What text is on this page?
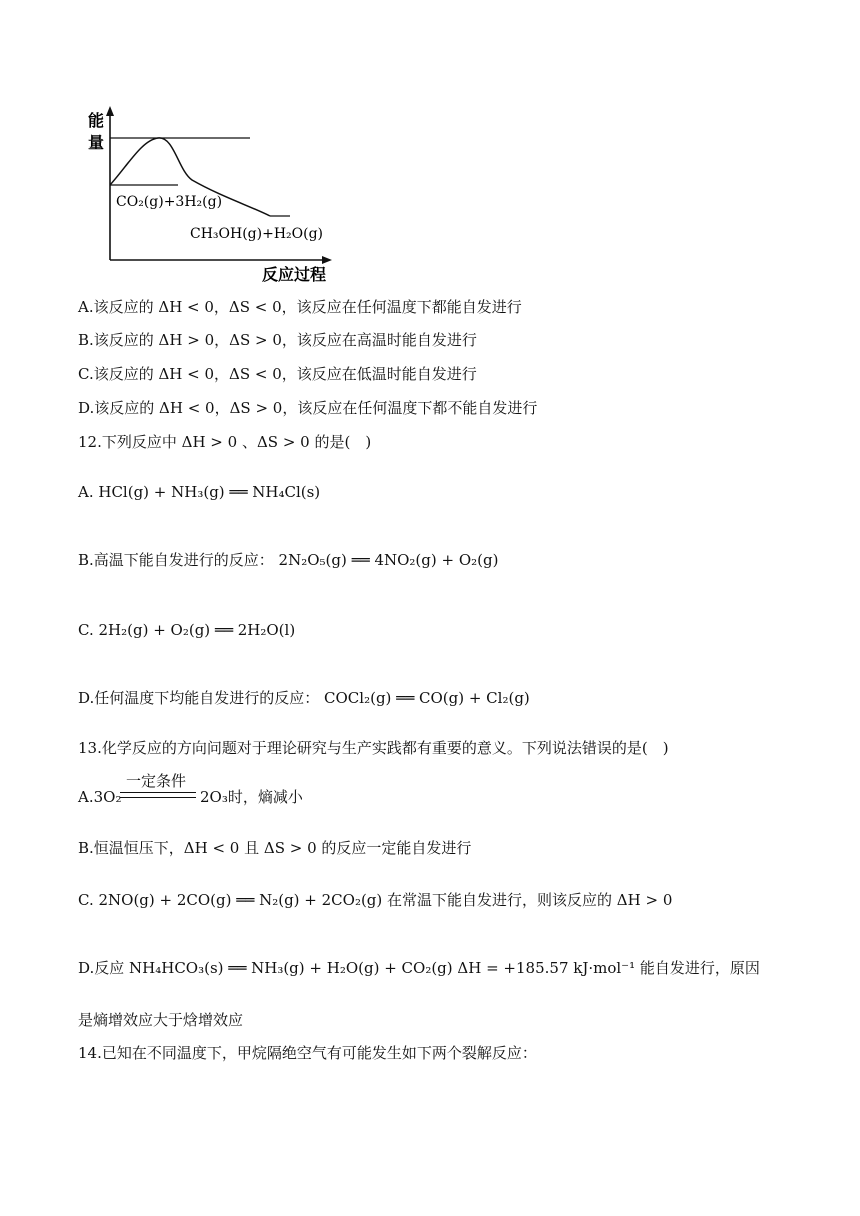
能
量
CO₂(g)+3H₂(g)
CH₃OH(g)+H₂O(g)
反应过程
A.该反应的 ΔH < 0，ΔS < 0，该反应在任何温度下都能自发进行
B.该反应的 ΔH > 0，ΔS > 0，该反应在高温时能自发进行
C.该反应的 ΔH < 0，ΔS < 0，该反应在低温时能自发进行
D.该反应的 ΔH < 0，ΔS > 0，该反应在任何温度下都不能自发进行
12.下列反应中 ΔH > 0 、ΔS > 0 的是(　)
A. HCl(g) + NH₃(g) ══ NH₄Cl(s)
B.高温下能自发进行的反应： 2N₂O₅(g) ══ 4NO₂(g) + O₂(g)
C. 2H₂(g) + O₂(g) ══ 2H₂O(l)
D.任何温度下均能自发进行的反应： COCl₂(g) ══ CO(g) + Cl₂(g)
13.化学反应的方向问题对于理论研究与生产实践都有重要的意义。下列说法错误的是(　)
一定条件
A.3O₂	2O₃时，熵减小
B.恒温恒压下，ΔH < 0 且 ΔS > 0 的反应一定能自发进行
C. 2NO(g) + 2CO(g) ══ N₂(g) + 2CO₂(g) 在常温下能自发进行，则该反应的 ΔH > 0
D.反应 NH₄HCO₃(s) ══ NH₃(g) + H₂O(g) + CO₂(g) ΔH = +185.57 kJ·mol⁻¹ 能自发进行，原因
是熵增效应大于焓增效应
14.已知在不同温度下，甲烷隔绝空气有可能发生如下两个裂解反应：
